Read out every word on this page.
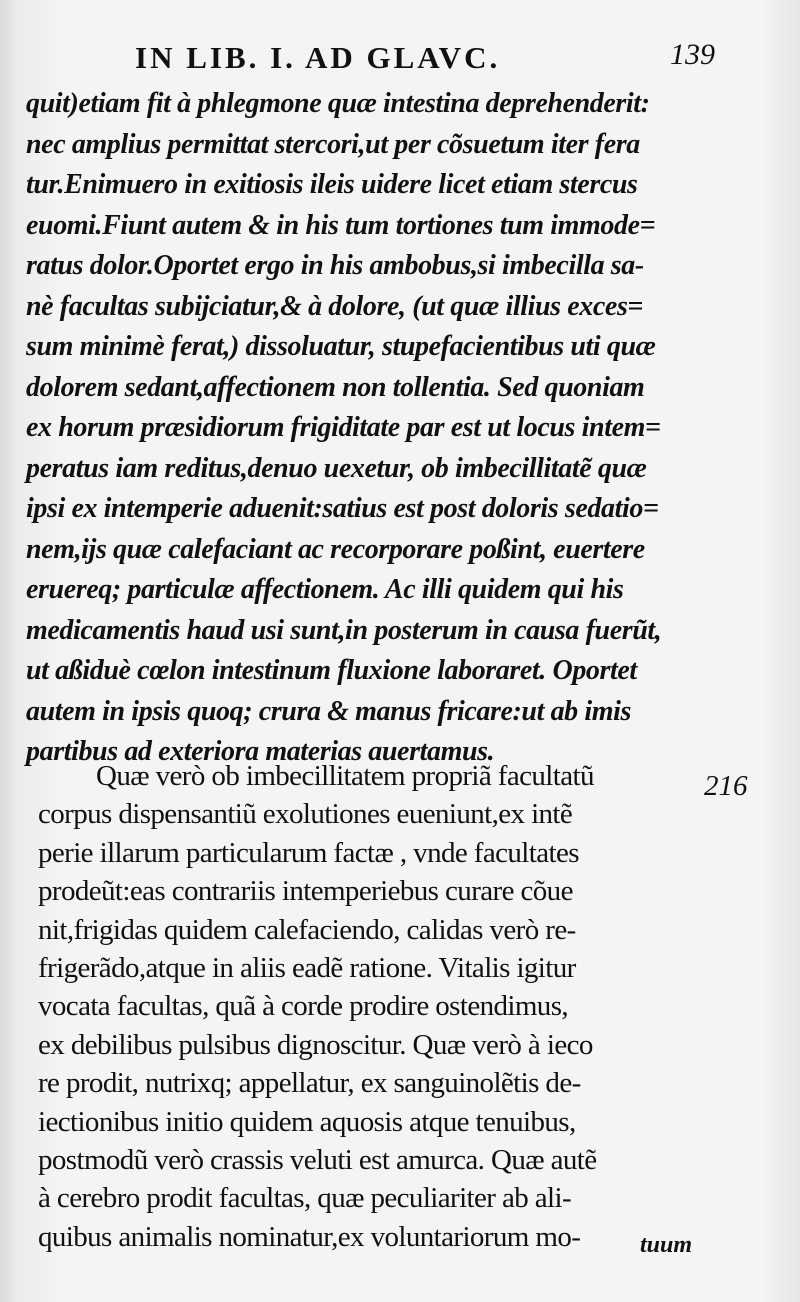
IN LIB. I. AD GLAVC.	139
quit)etiam fit à phlegmone quæ intestina deprehenderit:
nec amplius permittat stercori,ut per cõsuetum iter fera
tur.Enimuero in exitiosis ileis uidere licet etiam stercus
euomi.Fiunt autem & in his tum tortiones tum immode=
ratus dolor.Oportet ergo in his ambobus,si imbecilla sa-
nè facultas subijciatur,& à dolore, (ut quæ illius exces=
sum minimè ferat,) dissoluatur, stupefacientibus uti quæ
dolorem sedant,affectionem non tollentia. Sed quoniam
ex horum præsidiorum frigiditate par est ut locus intem=
peratus iam reditus,denuo uexetur, ob imbecillitatẽ quæ
ipsi ex intemperie aduenit:satius est post doloris sedatio=
nem,ijs quæ calefaciant ac recorporare poßint, euertere
eruereq; particulæ affectionem. Ac illi quidem qui his
medicamentis haud usi sunt,in posterum in causa fuerũt,
ut aßiduè cœlon intestinum fluxione laboraret. Oportet
autem in ipsis quoq; crura & manus fricare:ut ab imis
partibus ad exteriora materias auertamus.
Quæ verò ob imbecillitatem propriã facultatũ
corpus dispensantiũ exolutiones eueniunt,ex intẽ
perie illarum particularum factæ , vnde facultates
prodeũt:eas contrariis intemperiebus curare cõue
nit,frigidas quidem calefaciendo, calidas verò re-
frigerãdo,atque in aliis eadẽ ratione. Vitalis igitur
vocata facultas, quã à corde prodire ostendimus,
ex debilibus pulsibus dignoscitur. Quæ verò à ieco
re prodit, nutrixq; appellatur, ex sanguinolẽtis de-
iectionibus initio quidem aquosis atque tenuibus,
postmodũ verò crassis veluti est amurca. Quæ autẽ
à cerebro prodit facultas, quæ peculiariter ab ali-
quibus animalis nominatur,ex voluntariorum mo-
216
tuum
